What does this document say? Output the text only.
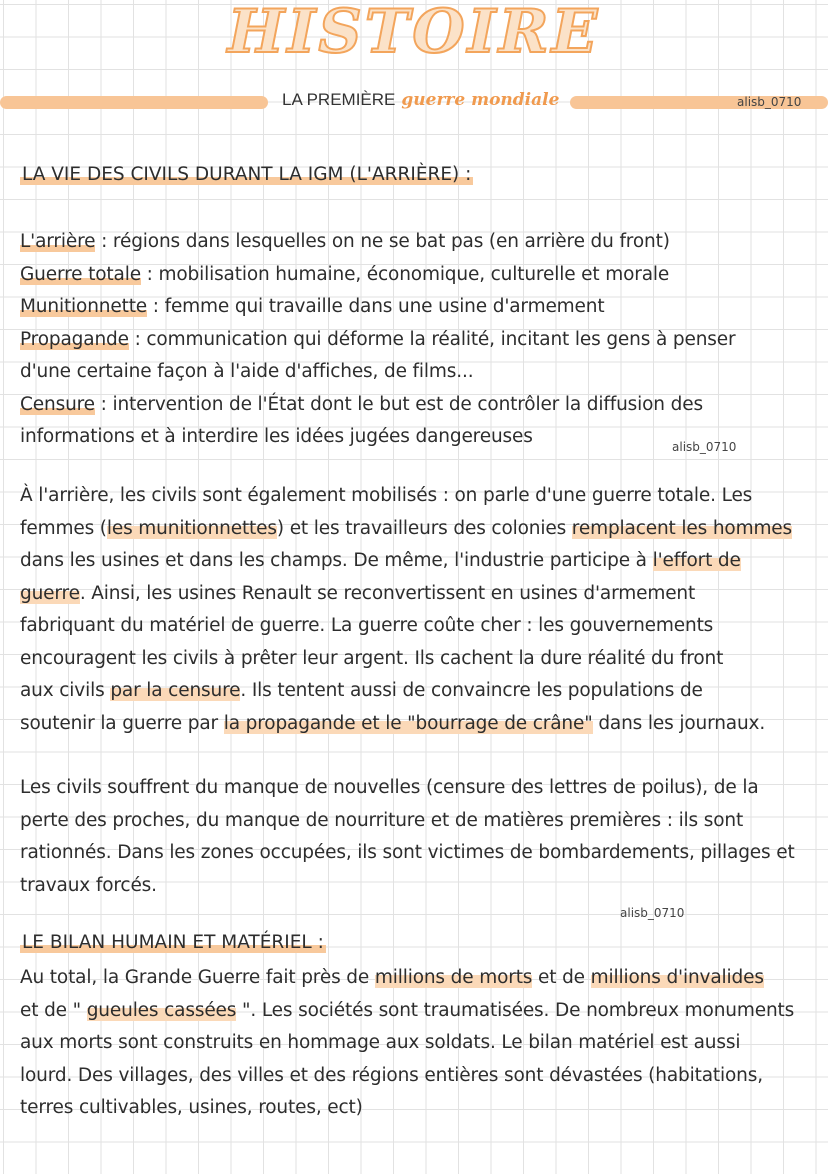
HISTOIRE
LA PREMIÈRE guerre mondiale	alisb_0710
LA VIE DES CIVILS DURANT LA IGM (L'ARRIÈRE) :
L'arrière : régions dans lesquelles on ne se bat pas (en arrière du front)
Guerre totale : mobilisation humaine, économique, culturelle et morale
Munitionnette : femme qui travaille dans une usine d'armement
Propagande : communication qui déforme la réalité, incitant les gens à penser
d'une certaine façon à l'aide d'affiches, de films...
Censure : intervention de l'État dont le but est de contrôler la diffusion des
informations et à interdire les idées jugées dangereuses	alisb_0710
À l'arrière, les civils sont également mobilisés : on parle d'une guerre totale. Les
femmes (les munitionnettes) et les travailleurs des colonies remplacent les hommes
dans les usines et dans les champs. De même, l'industrie participe à l'effort de
guerre. Ainsi, les usines Renault se reconvertissent en usines d'armement
fabriquant du matériel de guerre. La guerre coûte cher : les gouvernements
encouragent les civils à prêter leur argent. Ils cachent la dure réalité du front
aux civils par la censure. Ils tentent aussi de convaincre les populations de
soutenir la guerre par la propagande et le "bourrage de crâne" dans les journaux.
Les civils souffrent du manque de nouvelles (censure des lettres de poilus), de la
perte des proches, du manque de nourriture et de matières premières : ils sont
rationnés. Dans les zones occupées, ils sont victimes de bombardements, pillages et
travaux forcés.
alisb_0710
LE BILAN HUMAIN ET MATÉRIEL :
Au total, la Grande Guerre fait près de millions de morts et de millions d'invalides
et de " gueules cassées ". Les sociétés sont traumatisées. De nombreux monuments
aux morts sont construits en hommage aux soldats. Le bilan matériel est aussi
lourd. Des villages, des villes et des régions entières sont dévastées (habitations,
terres cultivables, usines, routes, ect)
